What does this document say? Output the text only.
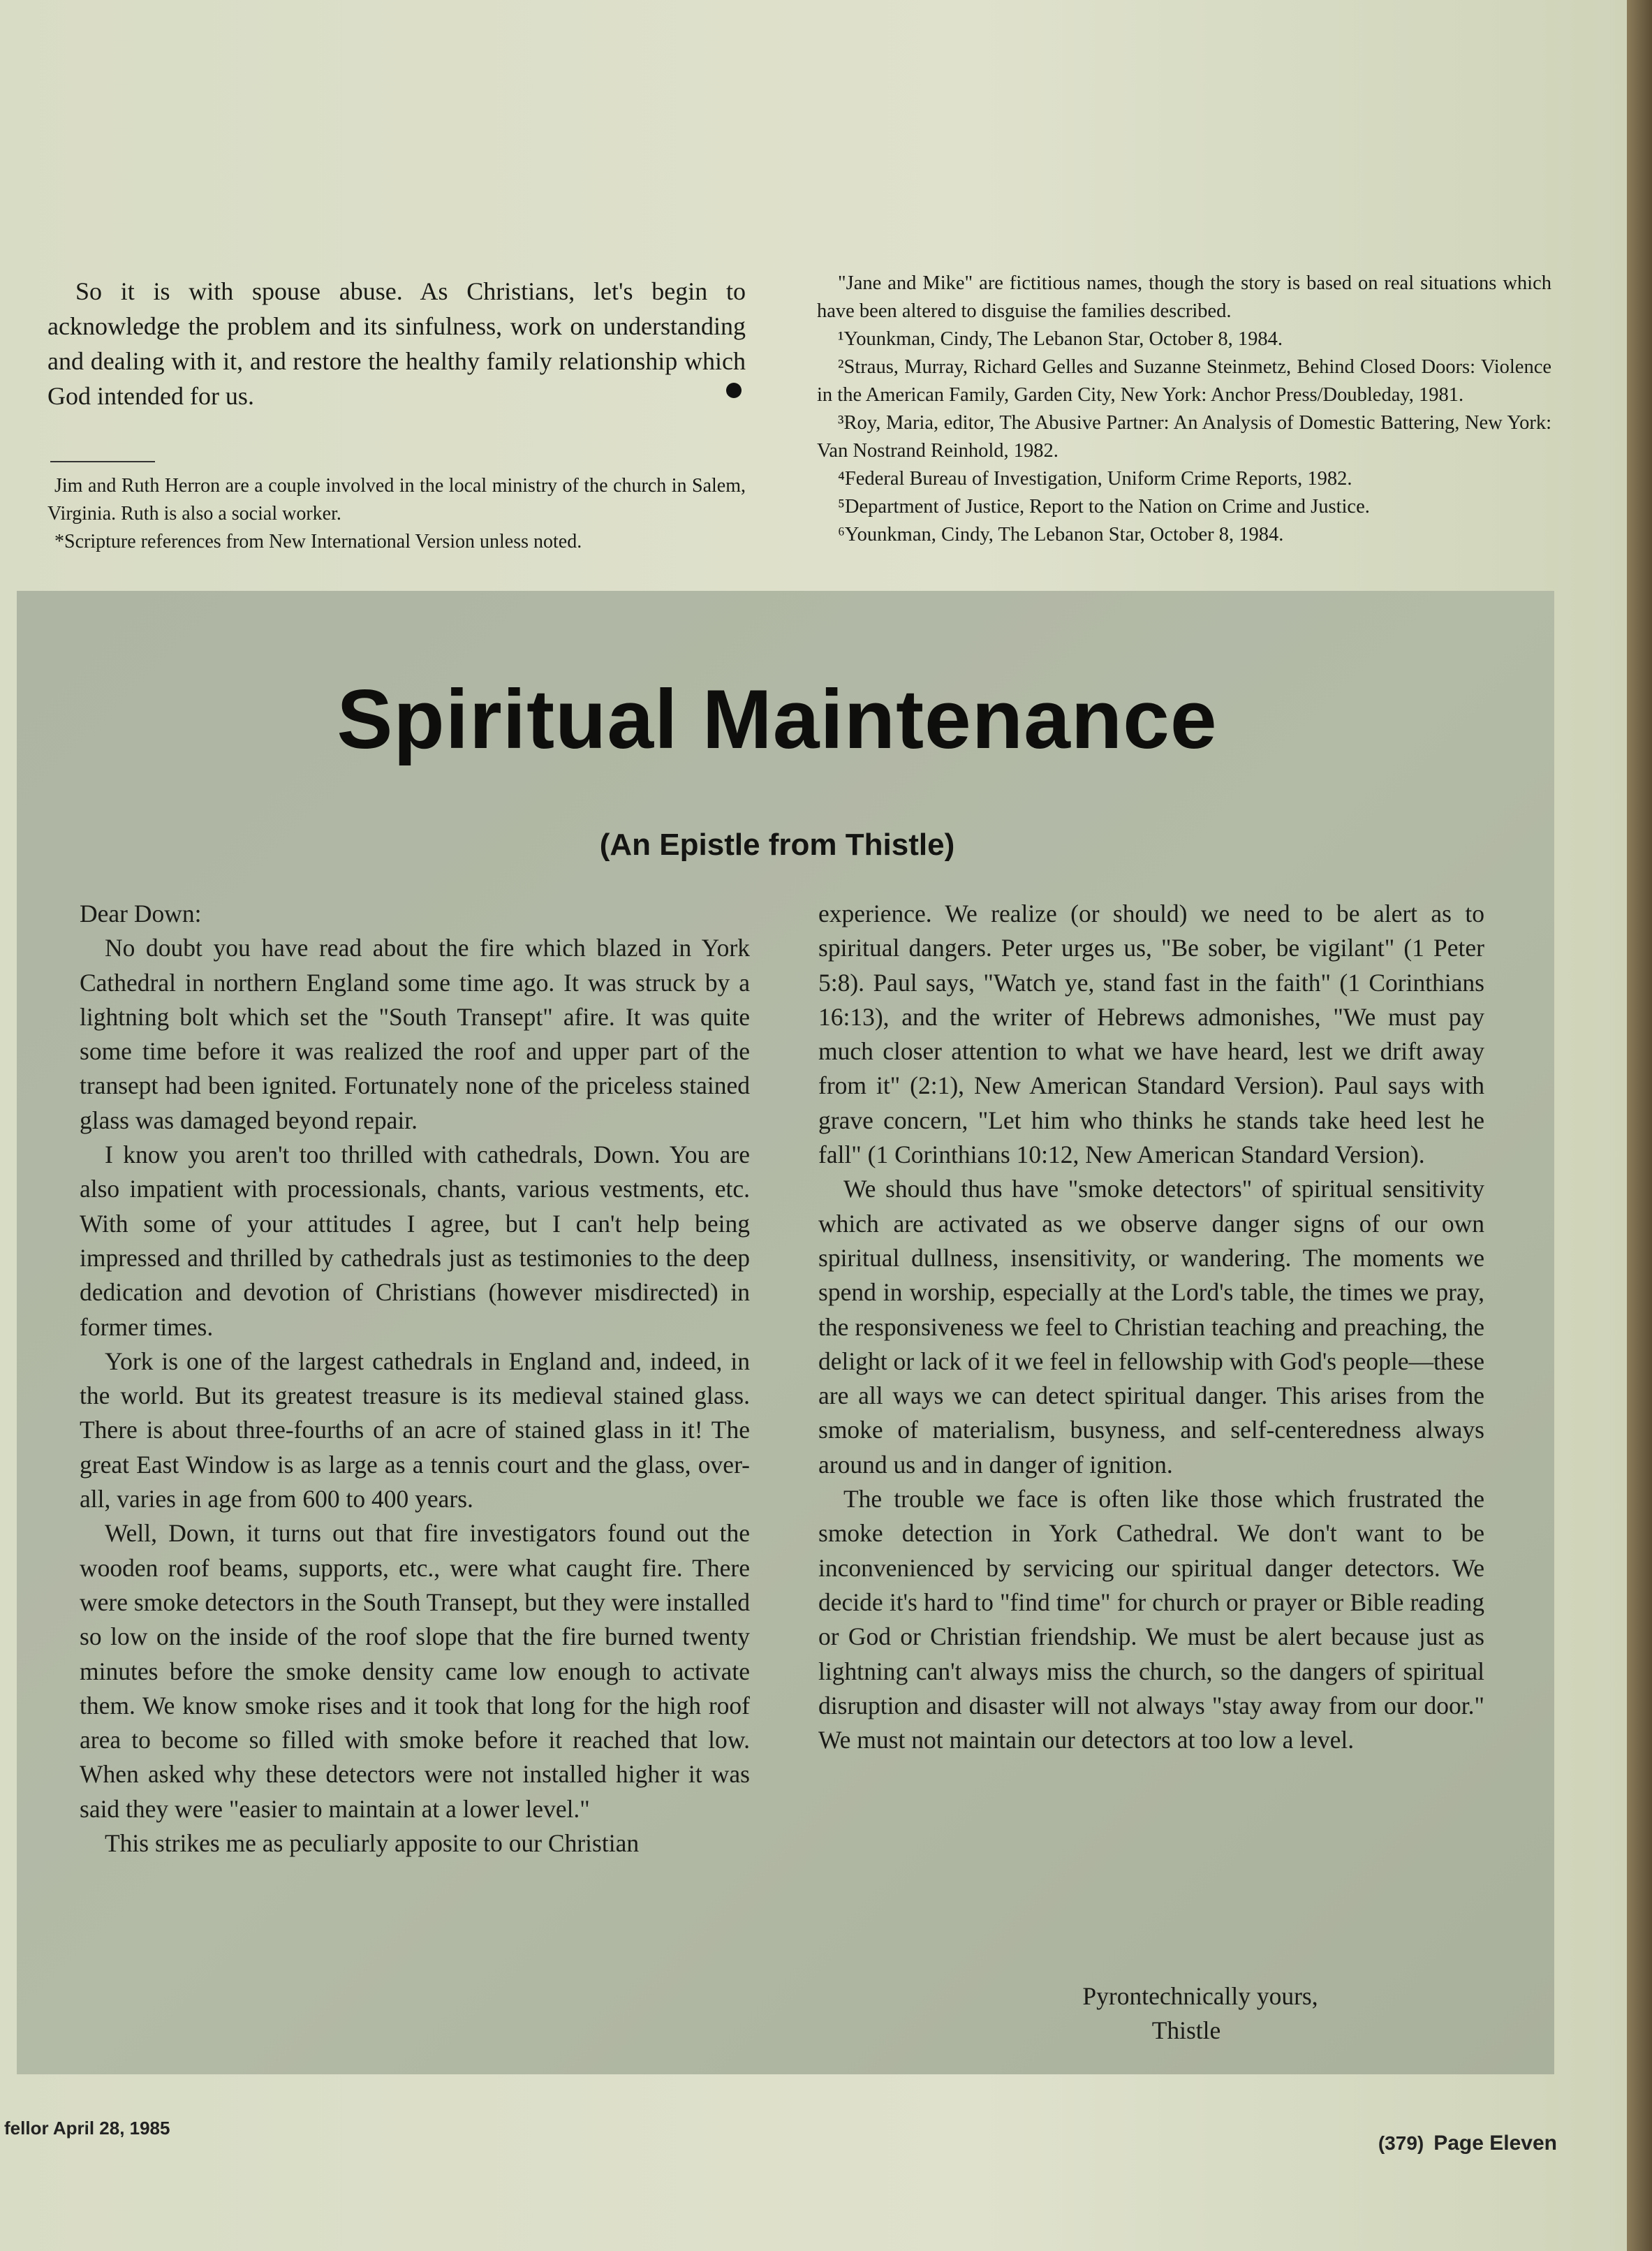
So it is with spouse abuse. As Christians, let's begin to acknowledge the problem and its sinfulness, work on understanding and dealing with it, and restore the healthy family relationship which God intended for us.

Jim and Ruth Herron are a couple involved in the local ministry of the church in Salem, Virginia. Ruth is also a social worker.

*Scripture references from New International Version unless noted.

"Jane and Mike" are fictitious names, though the story is based on real situations which have been altered to disguise the families described.

¹Younkman, Cindy, The Lebanon Star, October 8, 1984.

²Straus, Murray, Richard Gelles and Suzanne Steinmetz, Behind Closed Doors: Violence in the American Family, Garden City, New York: Anchor Press/Doubleday, 1981.

³Roy, Maria, editor, The Abusive Partner: An Analysis of Domestic Battering, New York: Van Nostrand Reinhold, 1982.

⁴Federal Bureau of Investigation, Uniform Crime Reports, 1982.

⁵Department of Justice, Report to the Nation on Crime and Justice.

⁶Younkman, Cindy, The Lebanon Star, October 8, 1984.

Spiritual Maintenance
(An Epistle from Thistle)

Dear Down:

No doubt you have read about the fire which blazed in York Cathedral in northern England some time ago. It was struck by a lightning bolt which set the "South Transept" afire. It was quite some time before it was realized the roof and upper part of the transept had been ignited. Fortunately none of the priceless stained glass was damaged beyond repair.

I know you aren't too thrilled with cathedrals, Down. You are also impatient with processionals, chants, various vestments, etc. With some of your attitudes I agree, but I can't help being impressed and thrilled by cathedrals just as testimonies to the deep dedication and devotion of Christians (however misdirected) in former times.

York is one of the largest cathedrals in England and, indeed, in the world. But its greatest treasure is its medieval stained glass. There is about three-fourths of an acre of stained glass in it! The great East Window is as large as a tennis court and the glass, over-all, varies in age from 600 to 400 years.

Well, Down, it turns out that fire investigators found out the wooden roof beams, supports, etc., were what caught fire. There were smoke detectors in the South Transept, but they were installed so low on the inside of the roof slope that the fire burned twenty minutes before the smoke density came low enough to activate them. We know smoke rises and it took that long for the high roof area to become so filled with smoke before it reached that low. When asked why these detectors were not installed higher it was said they were "easier to maintain at a lower level."

This strikes me as peculiarly apposite to our Christian

experience. We realize (or should) we need to be alert as to spiritual dangers. Peter urges us, "Be sober, be vigilant" (1 Peter 5:8). Paul says, "Watch ye, stand fast in the faith" (1 Corinthians 16:13), and the writer of Hebrews admonishes, "We must pay much closer attention to what we have heard, lest we drift away from it" (2:1), New American Standard Version). Paul says with grave concern, "Let him who thinks he stands take heed lest he fall" (1 Corinthians 10:12, New American Standard Version).

We should thus have "smoke detectors" of spiritual sensitivity which are activated as we observe danger signs of our own spiritual dullness, insensitivity, or wandering. The moments we spend in worship, especially at the Lord's table, the times we pray, the responsiveness we feel to Christian teaching and preaching, the delight or lack of it we feel in fellowship with God's people—these are all ways we can detect spiritual danger. This arises from the smoke of materialism, busyness, and self-centeredness always around us and in danger of ignition.

The trouble we face is often like those which frustrated the smoke detection in York Cathedral. We don't want to be inconvenienced by servicing our spiritual danger detectors. We decide it's hard to "find time" for church or prayer or Bible reading or God or Christian friendship. We must be alert because just as lightning can't always miss the church, so the dangers of spiritual disruption and disaster will not always "stay away from our door." We must not maintain our detectors at too low a level.

Pyrontechnically yours,
Thistle
fellor April 28, 1985
(379) Page Eleven
